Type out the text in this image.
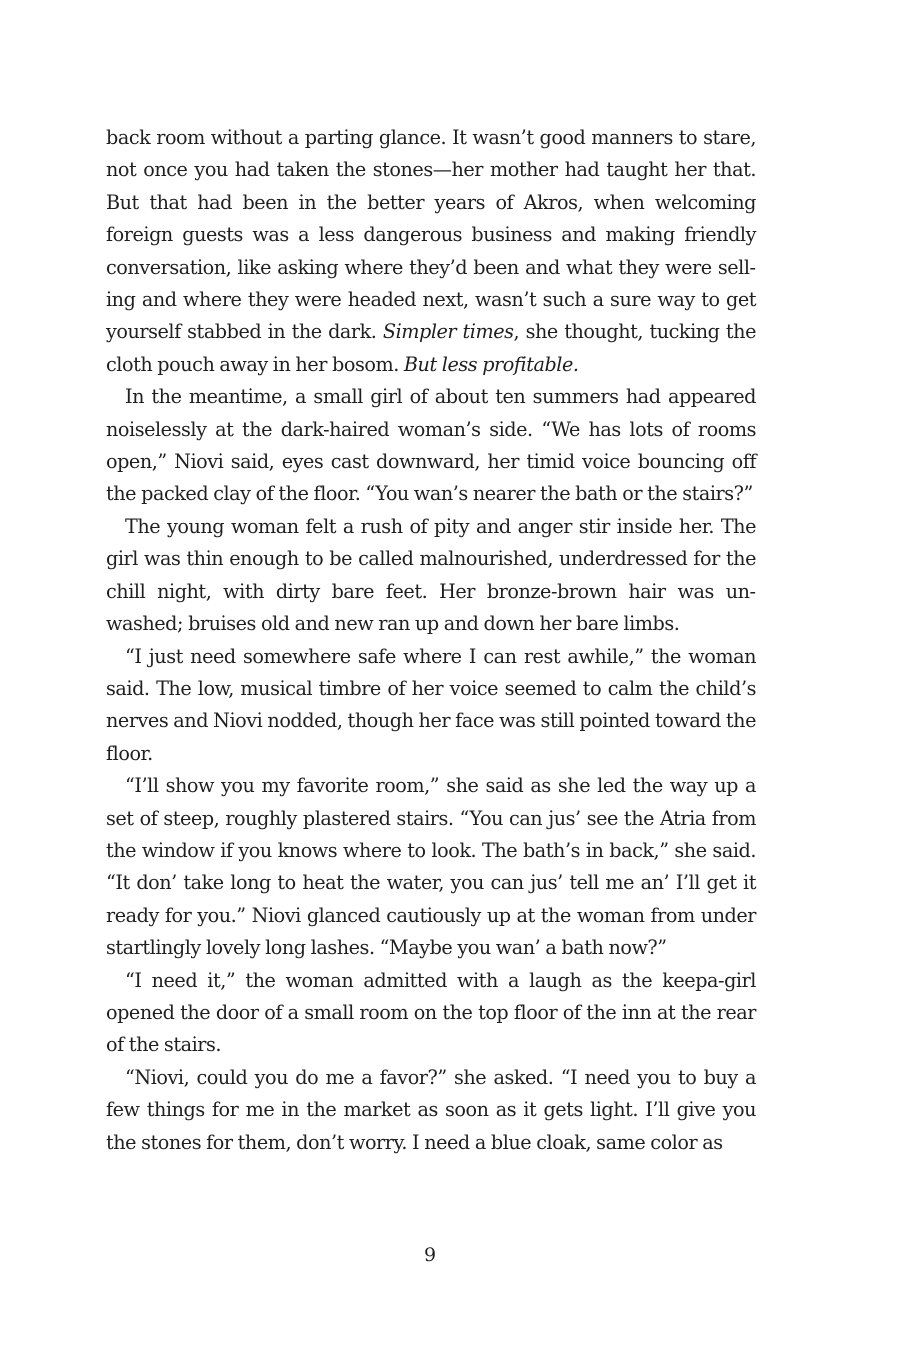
back room without a parting glance. It wasn’t good manners to stare, not once you had taken the stones—her mother had taught her that. But that had been in the better years of Akros, when welcoming foreign guests was a less dangerous business and making friendly conversation, like asking where they’d been and what they were selling and where they were headed next, wasn’t such a sure way to get yourself stabbed in the dark. Simpler times, she thought, tucking the cloth pouch away in her bosom. But less profitable.

In the meantime, a small girl of about ten summers had appeared noiselessly at the dark-haired woman’s side. “We has lots of rooms open,” Niovi said, eyes cast downward, her timid voice bouncing off the packed clay of the floor. “You wan’s nearer the bath or the stairs?”

The young woman felt a rush of pity and anger stir inside her. The girl was thin enough to be called malnourished, underdressed for the chill night, with dirty bare feet. Her bronze-brown hair was unwashed; bruises old and new ran up and down her bare limbs.

“I just need somewhere safe where I can rest awhile,” the woman said. The low, musical timbre of her voice seemed to calm the child’s nerves and Niovi nodded, though her face was still pointed toward the floor.

“I’ll show you my favorite room,” she said as she led the way up a set of steep, roughly plastered stairs. “You can jus’ see the Atria from the window if you knows where to look. The bath’s in back,” she said. “It don’ take long to heat the water, you can jus’ tell me an’ I’ll get it ready for you.” Niovi glanced cautiously up at the woman from under startlingly lovely long lashes. “Maybe you wan’ a bath now?”

“I need it,” the woman admitted with a laugh as the keepa-girl opened the door of a small room on the top floor of the inn at the rear of the stairs.

“Niovi, could you do me a favor?” she asked. “I need you to buy a few things for me in the market as soon as it gets light. I’ll give you the stones for them, don’t worry. I need a blue cloak, same color as

9
